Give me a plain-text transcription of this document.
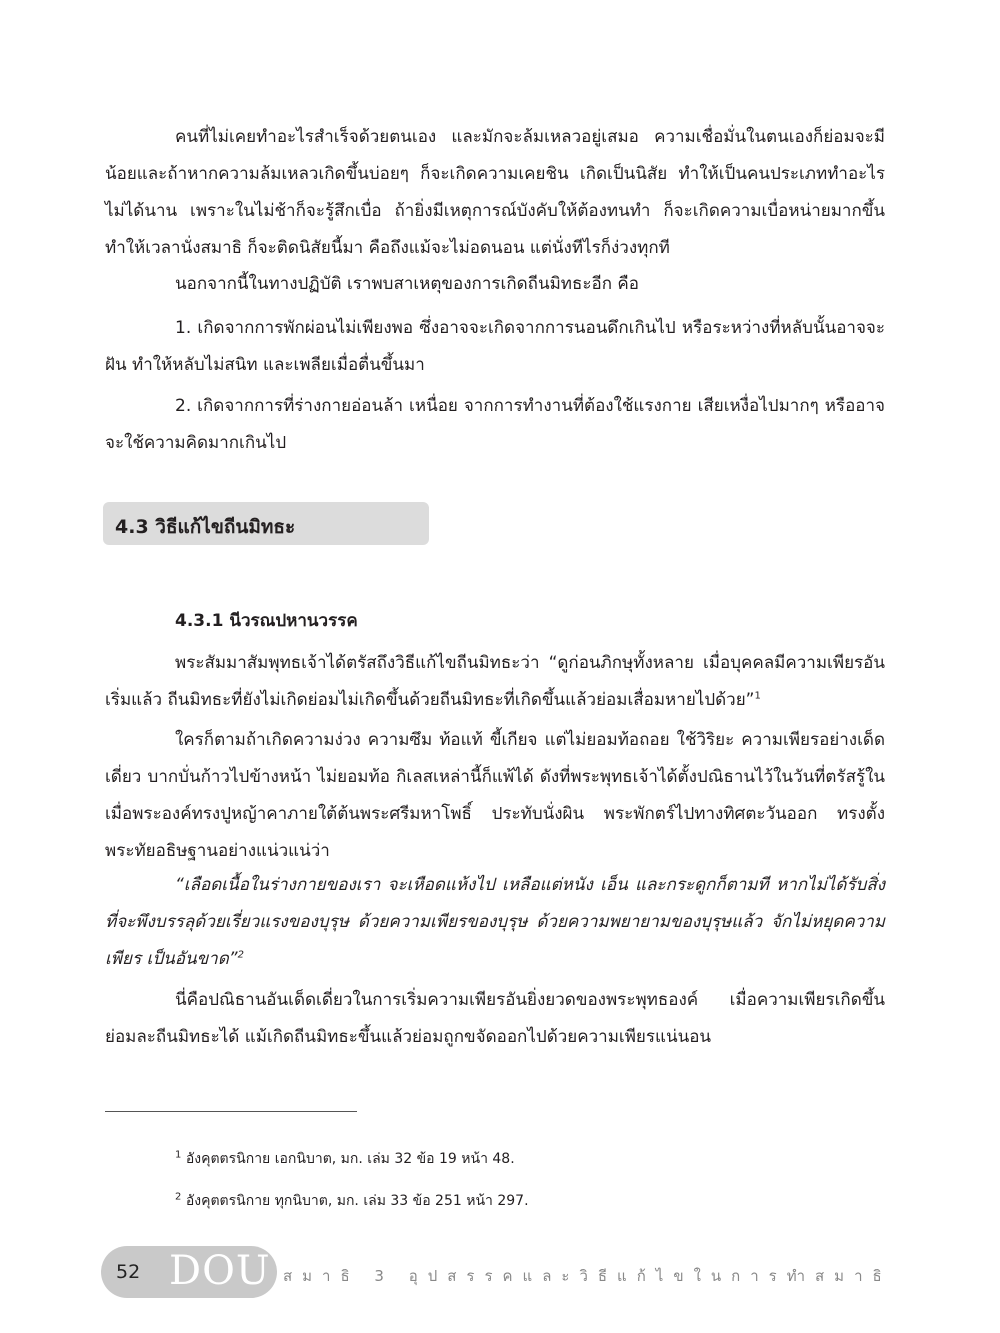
คนที่ไม่เคยทำอะไรสำเร็จด้วยตนเอง และมักจะล้มเหลวอยู่เสมอ ความเชื่อมั่นในตนเองก็ย่อมจะมีน้อยและถ้าหากความล้มเหลวเกิดขึ้นบ่อยๆ ก็จะเกิดความเคยชิน เกิดเป็นนิสัย ทำให้เป็นคนประเภททำอะไรไม่ได้นาน เพราะในไม่ช้าก็จะรู้สึกเบื่อ ถ้ายิ่งมีเหตุการณ์บังคับให้ต้องทนทำ ก็จะเกิดความเบื่อหน่ายมากขึ้น ทำให้เวลานั่งสมาธิ ก็จะติดนิสัยนี้มา คือถึงแม้จะไม่อดนอน แต่นั่งทีไรก็ง่วงทุกที

นอกจากนี้ในทางปฏิบัติ เราพบสาเหตุของการเกิดถีนมิทธะอีก คือ

1. เกิดจากการพักผ่อนไม่เพียงพอ ซึ่งอาจจะเกิดจากการนอนดึกเกินไป หรือระหว่างที่หลับนั้นอาจจะฝัน ทำให้หลับไม่สนิท และเพลียเมื่อตื่นขึ้นมา

2. เกิดจากการที่ร่างกายอ่อนล้า เหนื่อย จากการทำงานที่ต้องใช้แรงกาย เสียเหงื่อไปมากๆ หรืออาจจะใช้ความคิดมากเกินไป

4.3 วิธีแก้ไขถีนมิทธะ

4.3.1 นีวรณปหานวรรค

พระสัมมาสัมพุทธเจ้าได้ตรัสถึงวิธีแก้ไขถีนมิทธะว่า “ดูก่อนภิกษุทั้งหลาย เมื่อบุคคลมีความเพียรอันเริ่มแล้ว ถีนมิทธะที่ยังไม่เกิดย่อมไม่เกิดขึ้นด้วยถีนมิทธะที่เกิดขึ้นแล้วย่อมเสื่อมหายไปด้วย”$^1$

ใครก็ตามถ้าเกิดความง่วง ความซึม ท้อแท้ ขี้เกียจ แต่ไม่ยอมท้อถอย ใช้วิริยะ ความเพียรอย่างเด็ดเดี่ยว บากบั่นก้าวไปข้างหน้า ไม่ยอมท้อ กิเลสเหล่านี้ก็แพ้ได้ ดังที่พระพุทธเจ้าได้ตั้งปณิธานไว้ในวันที่ตรัสรู้ในเมื่อพระองค์ทรงปูหญ้าคาภายใต้ต้นพระศรีมหาโพธิ์ ประทับนั่งผิน พระพักตร์ไปทางทิศตะวันออก ทรงตั้งพระทัยอธิษฐานอย่างแน่วแน่ว่า

“เลือดเนื้อในร่างกายของเรา จะเหือดแห้งไป เหลือแต่หนัง เอ็น และกระดูกก็ตามที หากไม่ได้รับสิ่งที่จะพึงบรรลุด้วยเรี่ยวแรงของบุรุษ ด้วยความเพียรของบุรุษ ด้วยความพยายามของบุรุษแล้ว จักไม่หยุดความเพียร เป็นอันขาด”$^2$

นี่คือปณิธานอันเด็ดเดี่ยวในการเริ่มความเพียรอันยิ่งยวดของพระพุทธองค์ เมื่อความเพียรเกิดขึ้นย่อมละถีนมิทธะได้ แม้เกิดถีนมิทธะขึ้นแล้วย่อมถูกขจัดออกไปด้วยความเพียรแน่นอน

$^1$ อังคุตตรนิกาย เอกนิบาต, มก. เล่ม 32 ข้อ 19 หน้า 48.

$^2$ อังคุตตรนิกาย ทุกนิบาต, มก. เล่ม 33 ข้อ 251 หน้า 297.

52 DOU สมาธิ 3 อุปสรรคและวิธีแก้ไขในการทำสมาธิ
